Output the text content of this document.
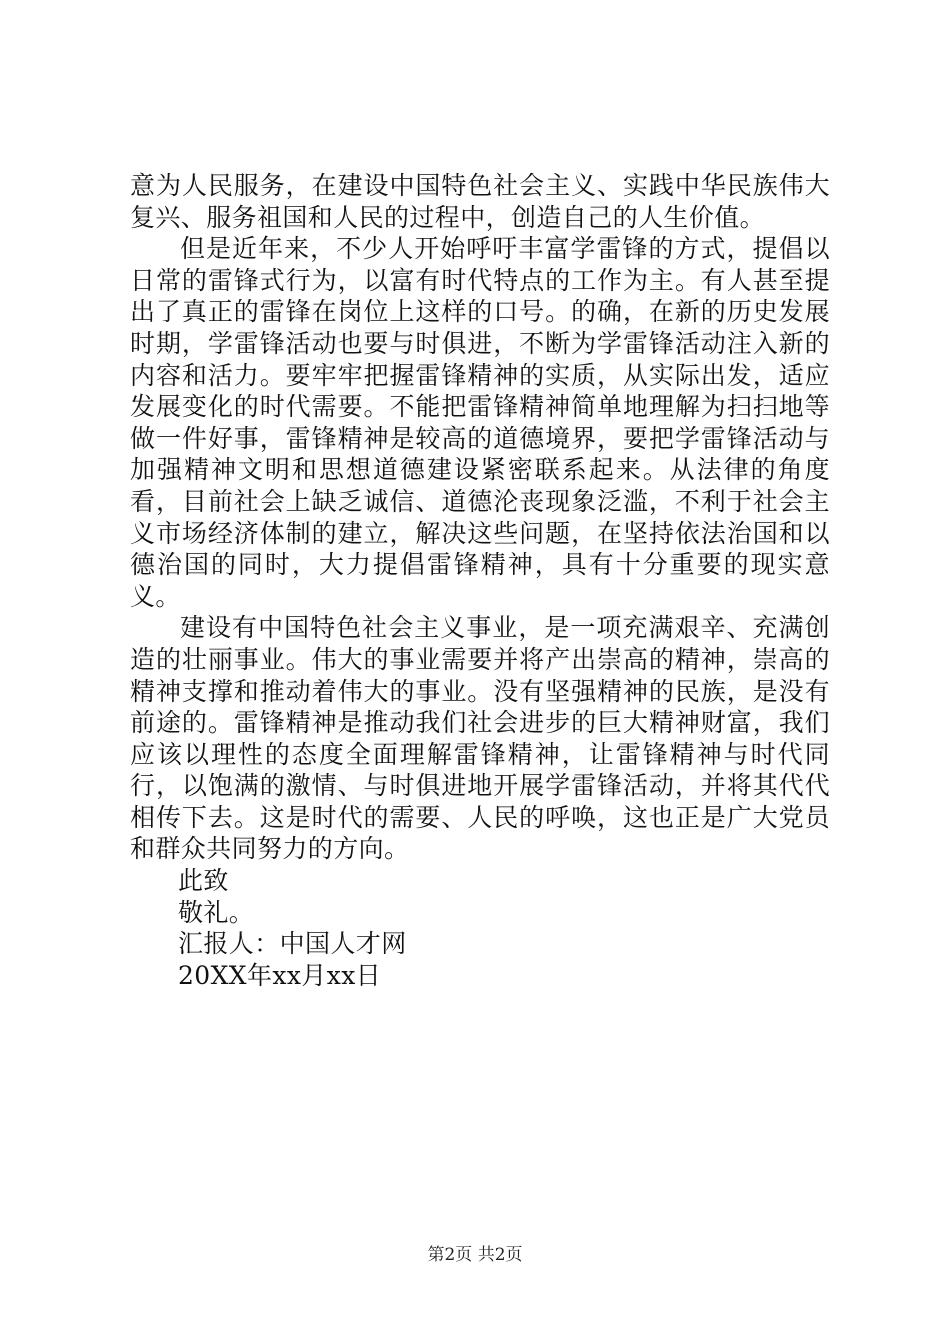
意为人民服务，在建设中国特色社会主义、实践中华民族伟大复兴、服务祖国和人民的过程中，创造自己的人生价值。

但是近年来，不少人开始呼吁丰富学雷锋的方式，提倡以日常的雷锋式行为，以富有时代特点的工作为主。有人甚至提出了真正的雷锋在岗位上这样的口号。的确，在新的历史发展时期，学雷锋活动也要与时俱进，不断为学雷锋活动注入新的内容和活力。要牢牢把握雷锋精神的实质，从实际出发，适应发展变化的时代需要。不能把雷锋精神简单地理解为扫扫地等做一件好事，雷锋精神是较高的道德境界，要把学雷锋活动与加强精神文明和思想道德建设紧密联系起来。从法律的角度看，目前社会上缺乏诚信、道德沦丧现象泛滥，不利于社会主义市场经济体制的建立，解决这些问题，在坚持依法治国和以德治国的同时，大力提倡雷锋精神，具有十分重要的现实意义。

建设有中国特色社会主义事业，是一项充满艰辛、充满创造的壮丽事业。伟大的事业需要并将产出崇高的精神，崇高的精神支撑和推动着伟大的事业。没有坚强精神的民族，是没有前途的。雷锋精神是推动我们社会进步的巨大精神财富，我们应该以理性的态度全面理解雷锋精神，让雷锋精神与时代同行，以饱满的激情、与时俱进地开展学雷锋活动，并将其代代相传下去。这是时代的需要、人民的呼唤，这也正是广大党员和群众共同努力的方向。

此致

敬礼。

汇报人：中国人才网

20XX年xx月xx日

第2页 共2页
